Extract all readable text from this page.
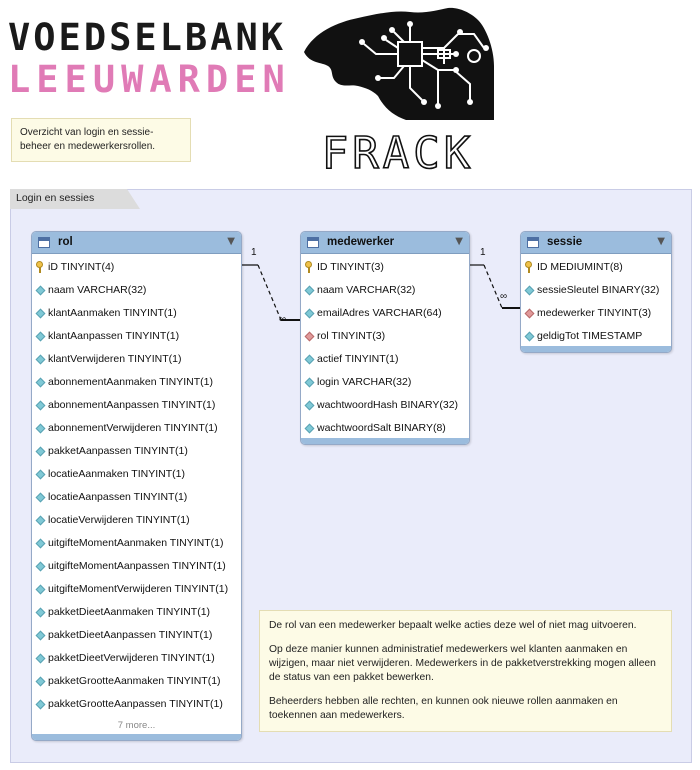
VOEDSELBANK
LEEUWARDEN
FRACK
Overzicht van login en sessie-beheer en medewerkersrollen.
Login en sessies
1
∞
1
∞
rol	▼
iD TINYINT(4)
naam VARCHAR(32)
klantAanmaken TINYINT(1)
klantAanpassen TINYINT(1)
klantVerwijderen TINYINT(1)
abonnementAanmaken TINYINT(1)
abonnementAanpassen TINYINT(1)
abonnementVerwijderen TINYINT(1)
pakketAanpassen TINYINT(1)
locatieAanmaken TINYINT(1)
locatieAanpassen TINYINT(1)
locatieVerwijderen TINYINT(1)
uitgifteMomentAanmaken TINYINT(1)
uitgifteMomentAanpassen TINYINT(1)
uitgifteMomentVerwijderen TINYINT(1)
pakketDieetAanmaken TINYINT(1)
pakketDieetAanpassen TINYINT(1)
pakketDieetVerwijderen TINYINT(1)
pakketGrootteAanmaken TINYINT(1)
pakketGrootteAanpassen TINYINT(1)
7 more...
medewerker	▼
ID TINYINT(3)
naam VARCHAR(32)
emailAdres VARCHAR(64)
rol TINYINT(3)
actief TINYINT(1)
login VARCHAR(32)
wachtwoordHash BINARY(32)
wachtwoordSalt BINARY(8)
sessie	▼
ID MEDIUMINT(8)
sessieSleutel BINARY(32)
medewerker TINYINT(3)
geldigTot TIMESTAMP

De rol van een medewerker bepaalt welke acties deze wel of niet mag uitvoeren.

Op deze manier kunnen administratief medewerkers wel klanten aanmaken en wijzigen, maar niet verwijderen. Medewerkers in de pakketverstrekking mogen alleen de status van een pakket bewerken.

Beheerders hebben alle rechten, en kunnen ook nieuwe rollen aanmaken en toekennen aan medewerkers.
